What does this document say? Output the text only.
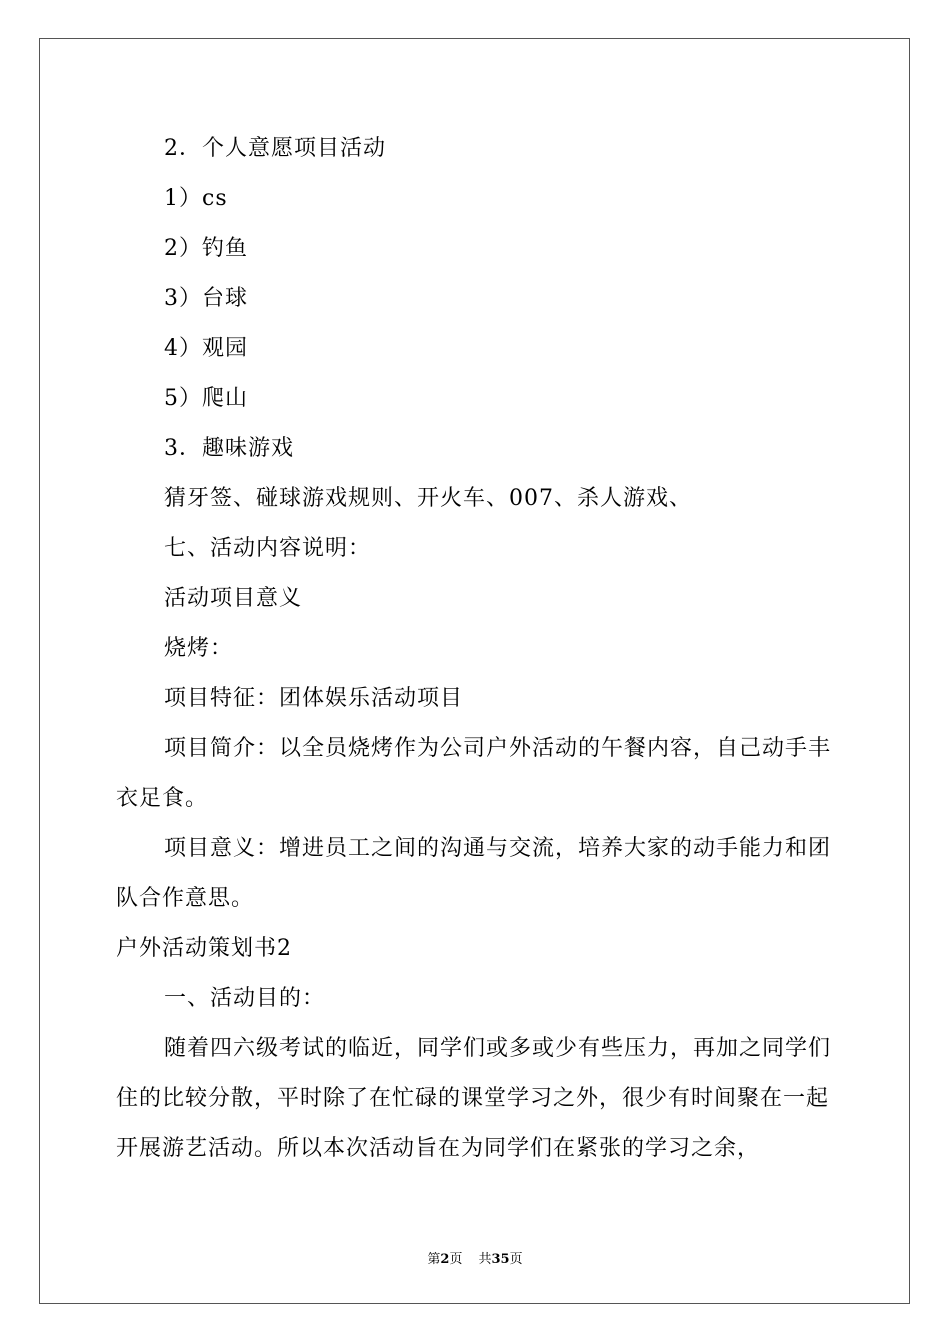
2．个人意愿项目活动

1）cs

2）钓鱼

3）台球

4）观园

5）爬山

3．趣味游戏

猜牙签、碰球游戏规则、开火车、007、杀人游戏、

七、活动内容说明：

活动项目意义

烧烤：

项目特征：团体娱乐活动项目

项目简介：以全员烧烤作为公司户外活动的午餐内容，自己动手丰衣足食。

项目意义：增进员工之间的沟通与交流，培养大家的动手能力和团队合作意思。

户外活动策划书2

一、活动目的：

随着四六级考试的临近，同学们或多或少有些压力，再加之同学们住的比较分散，平时除了在忙碌的课堂学习之外，很少有时间聚在一起开展游艺活动。所以本次活动旨在为同学们在紧张的学习之余，

第2页 共35页
